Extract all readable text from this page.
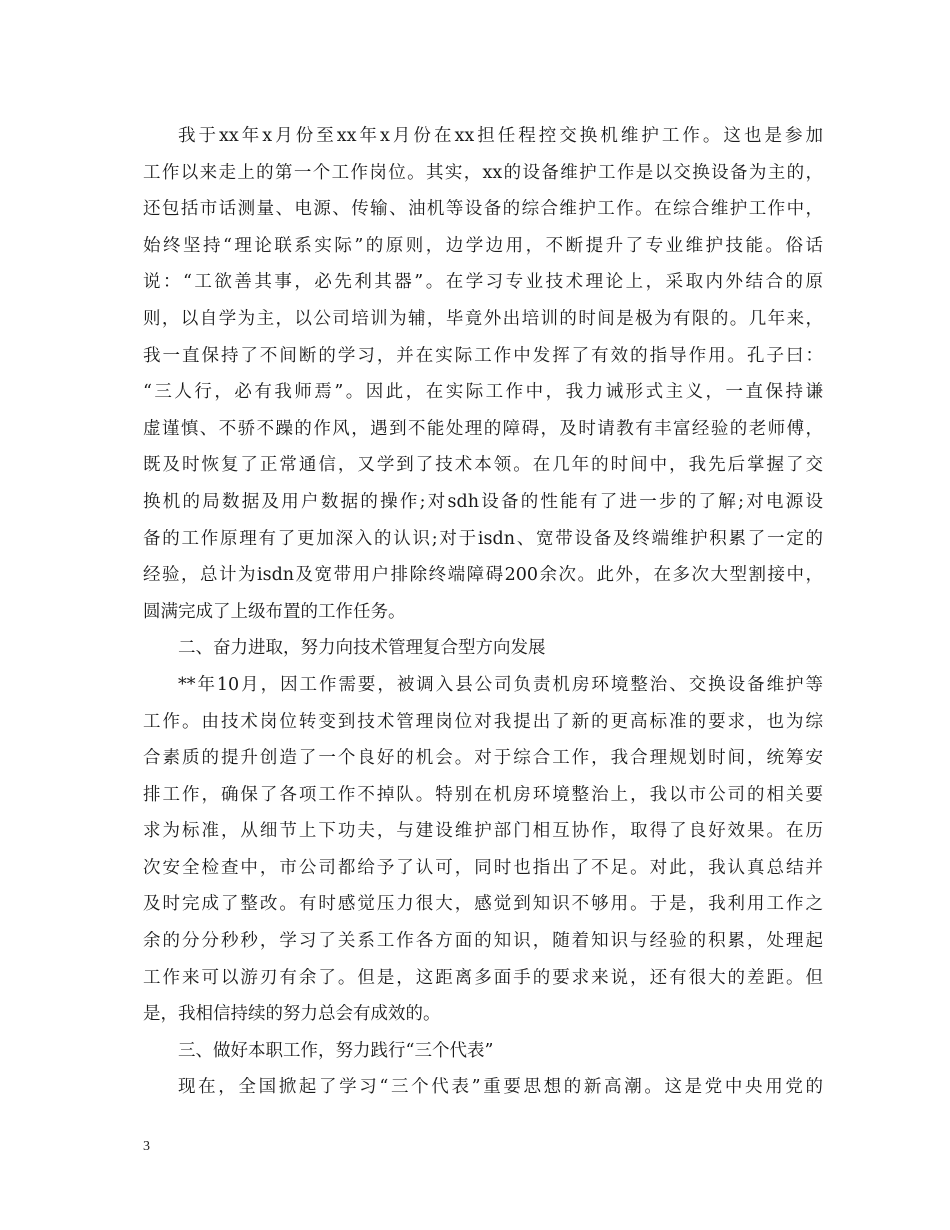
我于xx年x月份至xx年x月份在xx担任程控交换机维护工作。这也是参加
工作以来走上的第一个工作岗位。其实，xx的设备维护工作是以交换设备为主的，
还包括市话测量、电源、传输、油机等设备的综合维护工作。在综合维护工作中，
始终坚持“理论联系实际”的原则，边学边用，不断提升了专业维护技能。俗话
说：“工欲善其事，必先利其器”。在学习专业技术理论上，采取内外结合的原
则，以自学为主，以公司培训为辅，毕竟外出培训的时间是极为有限的。几年来，
我一直保持了不间断的学习，并在实际工作中发挥了有效的指导作用。孔子曰：
“三人行，必有我师焉”。因此，在实际工作中，我力诫形式主义，一直保持谦
虚谨慎、不骄不躁的作风，遇到不能处理的障碍，及时请教有丰富经验的老师傅，
既及时恢复了正常通信，又学到了技术本领。在几年的时间中，我先后掌握了交
换机的局数据及用户数据的操作;对sdh设备的性能有了进一步的了解;对电源设
备的工作原理有了更加深入的认识;对于isdn、宽带设备及终端维护积累了一定的
经验，总计为isdn及宽带用户排除终端障碍200余次。此外，在多次大型割接中，
圆满完成了上级布置的工作任务。
二、奋力进取，努力向技术管理复合型方向发展
**年10月，因工作需要，被调入县公司负责机房环境整治、交换设备维护等
工作。由技术岗位转变到技术管理岗位对我提出了新的更高标准的要求，也为综
合素质的提升创造了一个良好的机会。对于综合工作，我合理规划时间，统筹安
排工作，确保了各项工作不掉队。特别在机房环境整治上，我以市公司的相关要
求为标准，从细节上下功夫，与建设维护部门相互协作，取得了良好效果。在历
次安全检查中，市公司都给予了认可，同时也指出了不足。对此，我认真总结并
及时完成了整改。有时感觉压力很大，感觉到知识不够用。于是，我利用工作之
余的分分秒秒，学习了关系工作各方面的知识，随着知识与经验的积累，处理起
工作来可以游刃有余了。但是，这距离多面手的要求来说，还有很大的差距。但
是，我相信持续的努力总会有成效的。
三、做好本职工作，努力践行“三个代表”
现在，全国掀起了学习“三个代表”重要思想的新高潮。这是党中央用党的
3
